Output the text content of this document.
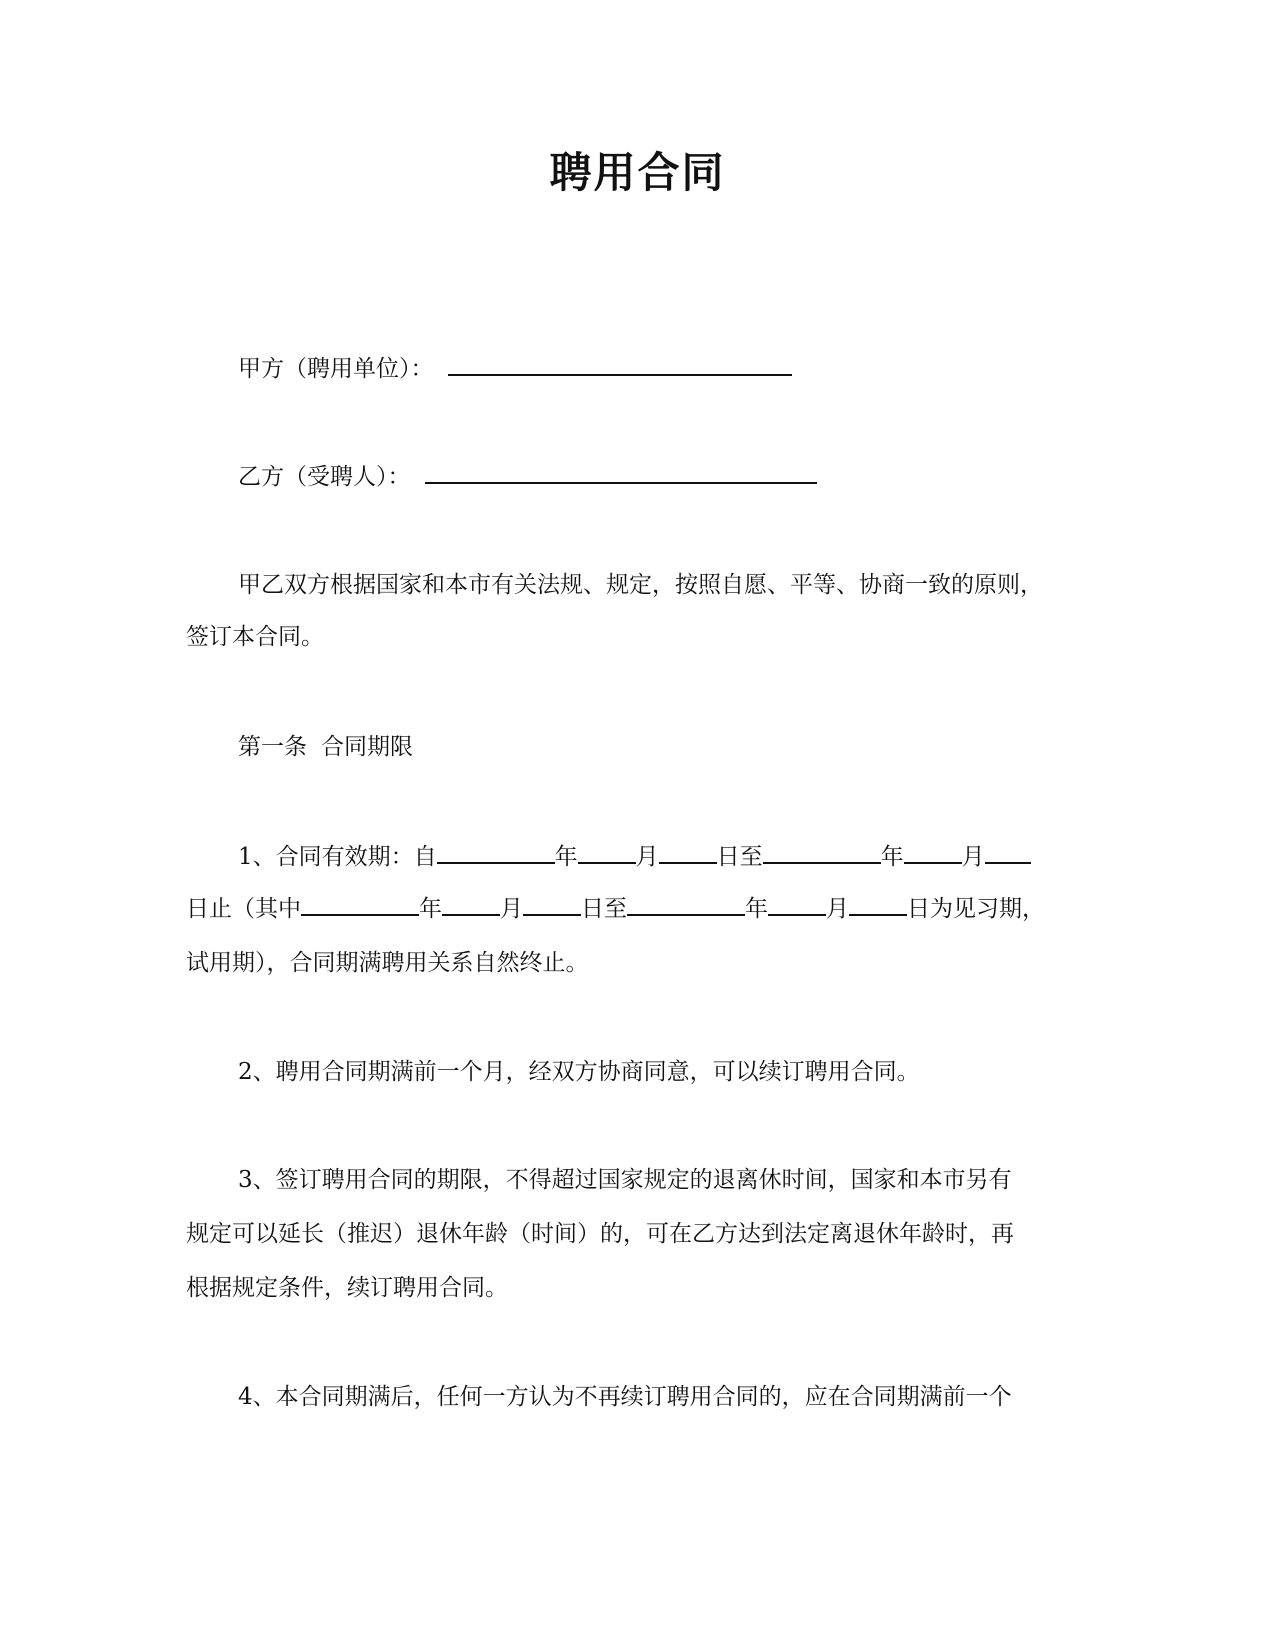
聘用合同
甲方（聘用单位）：
乙方（受聘人）：
甲乙双方根据国家和本市有关法规、规定，按照自愿、平等、协商一致的原则，
签订本合同。
第一条 合同期限
1、合同有效期：自	年	月	日至	年	月
日止（其中	年	月	日至	年	月	日为见习期，
试用期），合同期满聘用关系自然终止。
2、聘用合同期满前一个月，经双方协商同意，可以续订聘用合同。
3、签订聘用合同的期限，不得超过国家规定的退离休时间，国家和本市另有
规定可以延长（推迟）退休年龄（时间）的，可在乙方达到法定离退休年龄时，再
根据规定条件，续订聘用合同。
4、本合同期满后，任何一方认为不再续订聘用合同的，应在合同期满前一个
